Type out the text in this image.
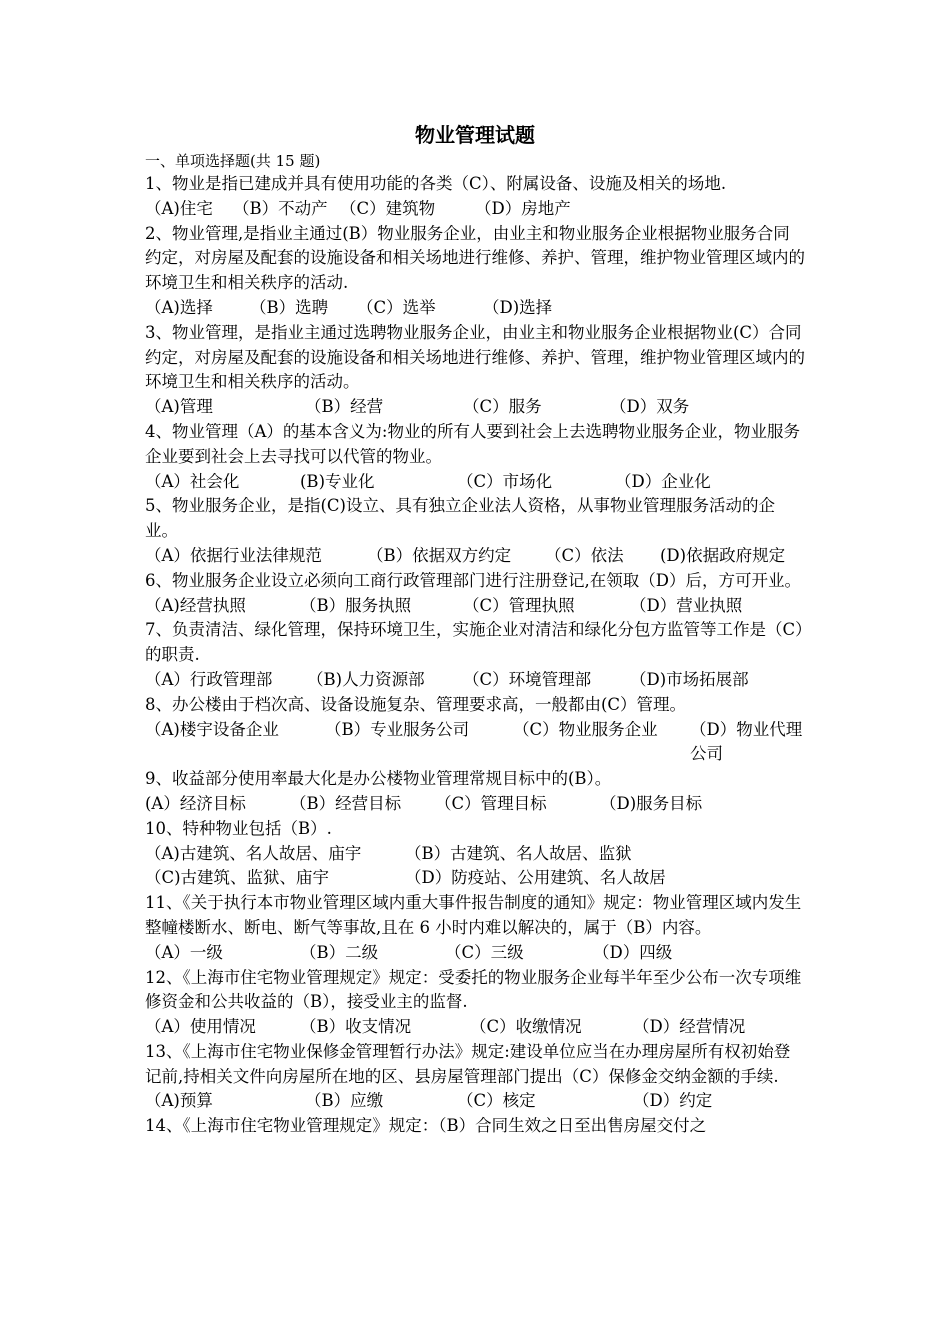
物业管理试题
一、单项选择题(共 15 题)
1、物业是指已建成并具有使用功能的各类（C）、附属设备、设施及相关的场地.
（A)住宅 （B）不动产 （C）建筑物 （D）房地产
2、物业管理,是指业主通过(B）物业服务企业，由业主和物业服务企业根据物业服务合同约定，对房屋及配套的设施设备和相关场地进行维修、养护、管理，维护物业管理区域内的环境卫生和相关秩序的活动.
（A)选择 （B）选聘 （C）选举	（D)选择
3、物业管理，是指业主通过选聘物业服务企业，由业主和物业服务企业根据物业(C）合同约定，对房屋及配套的设施设备和相关场地进行维修、养护、管理，维护物业管理区域内的环境卫生和相关秩序的活动。
（A)管理	（B）经营	（C）服务	（D）双务
4、物业管理（A）的基本含义为:物业的所有人要到社会上去选聘物业服务企业，物业服务企业要到社会上去寻找可以代管的物业。
（A）社会化	(B)专业化	（C）市场化	（D）企业化
5、物业服务企业，是指(C)设立、具有独立企业法人资格，从事物业管理服务活动的企业。
（A）依据行业法律规范	（B）依据双方约定 （C）依法 (D)依据政府规定
6、物业服务企业设立必须向工商行政管理部门进行注册登记,在领取（D）后，方可开业。
（A)经营执照	（B）服务执照	（C）管理执照	（D）营业执照
7、负责清洁、绿化管理，保持环境卫生，实施企业对清洁和绿化分包方监管等工作是（C）的职责.
（A）行政管理部 （B)人力资源部 （C）环境管理部 （D)市场拓展部
8、办公楼由于档次高、设备设施复杂、管理要求高，一般都由(C）管理。
（A)楼宇设备企业	（B）专业服务公司	（C）物业服务企业 （D）物业代理公司
9、收益部分使用率最大化是办公楼物业管理常规目标中的(B）。
(A）经济目标	（B）经营目标 （C）管理目标	（D)服务目标
10、特种物业包括（B）.
（A)古建筑、名人故居、庙宇	（B）古建筑、名人故居、监狱
（C)古建筑、监狱、庙宇	（D）防疫站、公用建筑、名人故居
11、《关于执行本市物业管理区域内重大事件报告制度的通知》规定：物业管理区域内发生整幢楼断水、断电、断气等事故,且在 6 小时内难以解决的，属于（B）内容。
（A）一级	（B）二级	（C）三级	（D）四级
12、《上海市住宅物业管理规定》规定：受委托的物业服务企业每半年至少公布一次专项维修资金和公共收益的（B），接受业主的监督.
（A）使用情况	（B）收支情况	（C）收缴情况	（D）经营情况
13、《上海市住宅物业保修金管理暂行办法》规定:建设单位应当在办理房屋所有权初始登记前,持相关文件向房屋所在地的区、县房屋管理部门提出（C）保修金交纳金额的手续.
（A)预算	（B）应缴	（C）核定	（D）约定
14、《上海市住宅物业管理规定》规定：（B）合同生效之日至出售房屋交付之
